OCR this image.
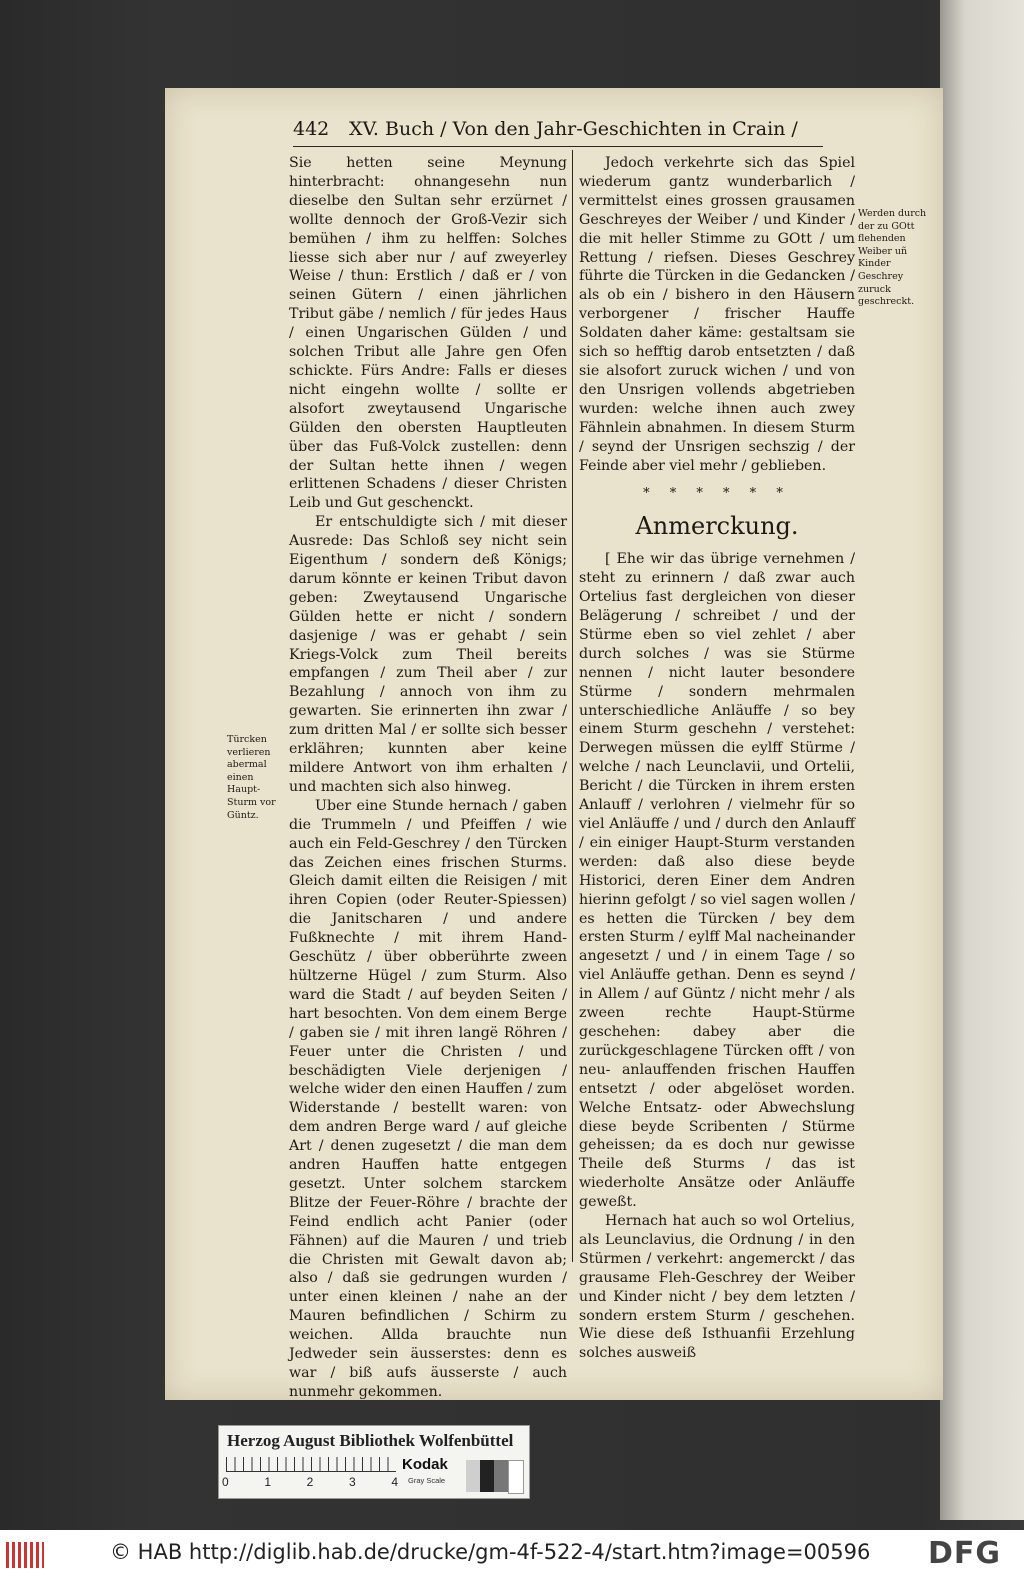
442 XV. Buch / Von den Jahr-Geschichten in Crain /

Sie hetten seine Meynung hinterbracht: ohnangesehn nun dieselbe den Sultan sehr erzürnet / wollte dennoch der Groß-Vezir sich bemühen / ihm zu helffen: Solches liesse sich aber nur / auf zweyerley Weise / thun: Erstlich / daß er / von seinen Gütern / einen jährlichen Tribut gäbe / nemlich / für jedes Haus / einen Ungarischen Gülden / und solchen Tribut alle Jahre gen Ofen schickte. Fürs Andre: Falls er dieses nicht eingehn wollte / sollte er alsofort zweytausend Ungarische Gülden den obersten Hauptleuten über das Fuß-Volck zustellen: denn der Sultan hette ihnen / wegen erlittenen Schadens / dieser Christen Leib und Gut geschenckt.

Er entschuldigte sich / mit dieser Ausrede: Das Schloß sey nicht sein Eigenthum / sondern deß Königs; darum könnte er keinen Tribut davon geben: Zweytausend Ungarische Gülden hette er nicht / sondern dasjenige / was er gehabt / sein Kriegs-Volck zum Theil bereits empfangen / zum Theil aber / zur Bezahlung / annoch von ihm zu gewarten. Sie erinnerten ihn zwar / zum dritten Mal / er sollte sich besser erklähren; kunnten aber keine mildere Antwort von ihm erhalten / und machten sich also hinweg.

Uber eine Stunde hernach / gaben die Trummeln / und Pfeiffen / wie auch ein Feld-Geschrey / den Türcken das Zeichen eines frischen Sturms. Gleich damit eilten die Reisigen / mit ihren Copien (oder Reuter-Spiessen) die Janitscharen / und andere Fußknechte / mit ihrem Hand-Geschütz / über obberührte zween hültzerne Hügel / zum Sturm. Also ward die Stadt / auf beyden Seiten / hart besochten. Von dem einem Berge / gaben sie / mit ihren langë Röhren / Feuer unter die Christen / und beschädigten Viele derjenigen / welche wider den einen Hauffen / zum Widerstande / bestellt waren: von dem andren Berge ward / auf gleiche Art / denen zugesetzt / die man dem andren Hauffen hatte entgegen gesetzt. Unter solchem starckem Blitze der Feuer-Röhre / brachte der Feind endlich acht Panier (oder Fähnen) auf die Mauren / und trieb die Christen mit Gewalt davon ab; also / daß sie gedrungen wurden / unter einen kleinen / nahe an der Mauren befindlichen / Schirm zu weichen. Allda brauchte nun Jedweder sein äusserstes: denn es war / biß aufs äusserste / auch nunmehr gekommen.

Jedoch verkehrte sich das Spiel wiederum gantz wunderbarlich / vermittelst eines grossen grausamen Geschreyes der Weiber / und Kinder / die mit heller Stimme zu GOtt / um Rettung / riefsen. Dieses Geschrey führte die Türcken in die Gedancken / als ob ein / bishero in den Häusern verborgener / frischer Hauffe Soldaten daher käme: gestaltsam sie sich so hefftig darob entsetzten / daß sie alsofort zuruck wichen / und von den Unsrigen vollends abgetrieben wurden: welche ihnen auch zwey Fähnlein abnahmen. In diesem Sturm / seynd der Unsrigen sechszig / der Feinde aber viel mehr / geblieben.

* * * * * *
Anmerckung.

[ Ehe wir das übrige vernehmen / steht zu erinnern / daß zwar auch Ortelius fast dergleichen von dieser Belägerung / schreibet / und der Stürme eben so viel zehlet / aber durch solches / was sie Stürme nennen / nicht lauter besondere Stürme / sondern mehrmalen unterschiedliche Anläuffe / so bey einem Sturm geschehn / verstehet: Derwegen müssen die eylff Stürme / welche / nach Leunclavii, und Ortelii, Bericht / die Türcken in ihrem ersten Anlauff / verlohren / vielmehr für so viel Anläuffe / und / durch den Anlauff / ein einiger Haupt-Sturm verstanden werden: daß also diese beyde Historici, deren Einer dem Andren hierinn gefolgt / so viel sagen wollen / es hetten die Türcken / bey dem ersten Sturm / eylff Mal nacheinander angesetzt / und / in einem Tage / so viel Anläuffe gethan. Denn es seynd / in Allem / auf Güntz / nicht mehr / als zween rechte Haupt-Stürme geschehen: dabey aber die zurückgeschlagene Türcken offt / von neu- anlauffenden frischen Hauffen entsetzt / oder abgelöset worden. Welche Entsatz- oder Abwechslung diese beyde Scribenten / Stürme geheissen; da es doch nur gewisse Theile deß Sturms / das ist wiederholte Ansätze oder Anläuffe geweßt.

Hernach hat auch so wol Ortelius, als Leunclavius, die Ordnung / in den Stürmen / verkehrt: angemerckt / das grausame Fleh-Geschrey der Weiber und Kinder nicht / bey dem letzten / sondern erstem Sturm / geschehen. Wie diese deß Isthuanfii Erzehlung solches ausweiß

Werden durch der zu GOtt flehenden Weiber uñ Kinder Geschrey zuruck geschreckt.
Türcken verlieren abermal einen Haupt-Sturm vor Güntz.
Herzog August Bibliothek Wolfenbüttel
0	1	2	3	4
Kodak
Gray Scale
© HAB http://diglib.hab.de/drucke/gm-4f-522-4/start.htm?image=00596 DFG
